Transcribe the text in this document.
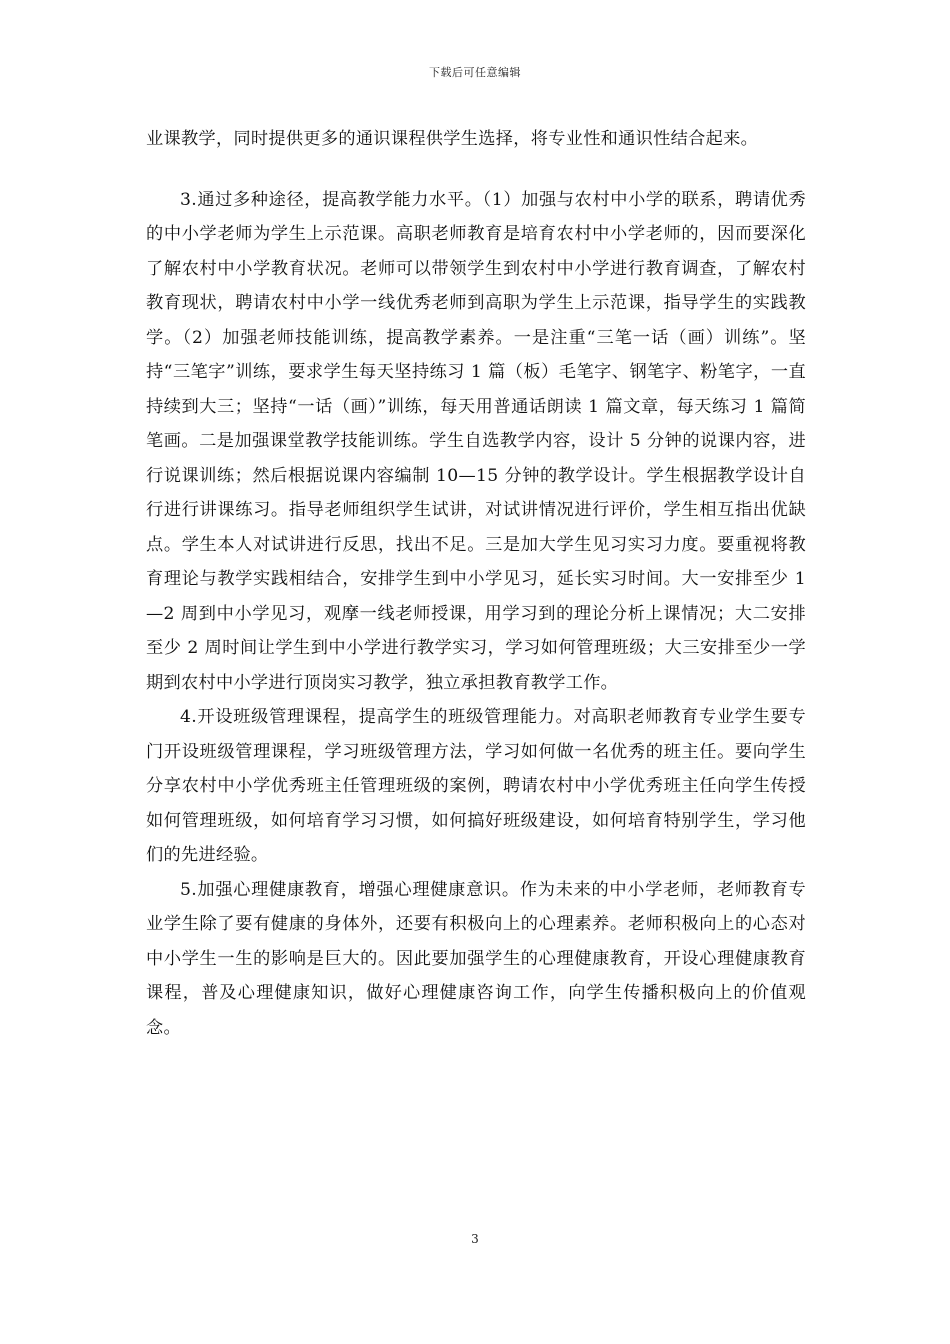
下载后可任意编辑

业课教学，同时提供更多的通识课程供学生选择，将专业性和通识性结合起来。

3.通过多种途径，提高教学能力水平。（1）加强与农村中小学的联系，聘请优秀的中小学老师为学生上示范课。高职老师教育是培育农村中小学老师的，因而要深化了解农村中小学教育状况。老师可以带领学生到农村中小学进行教育调查，了解农村教育现状，聘请农村中小学一线优秀老师到高职为学生上示范课，指导学生的实践教学。（2）加强老师技能训练，提高教学素养。一是注重“三笔一话（画）训练”。坚持“三笔字”训练，要求学生每天坚持练习 1 篇（板）毛笔字、钢笔字、粉笔字，一直持续到大三；坚持“一话（画）”训练，每天用普通话朗读 1 篇文章，每天练习 1 篇简笔画。二是加强课堂教学技能训练。学生自选教学内容，设计 5 分钟的说课内容，进行说课训练；然后根据说课内容编制 10—15 分钟的教学设计。学生根据教学设计自行进行讲课练习。指导老师组织学生试讲，对试讲情况进行评价，学生相互指出优缺点。学生本人对试讲进行反思，找出不足。三是加大学生见习实习力度。要重视将教育理论与教学实践相结合，安排学生到中小学见习，延长实习时间。大一安排至少 1—2 周到中小学见习，观摩一线老师授课，用学习到的理论分析上课情况；大二安排至少 2 周时间让学生到中小学进行教学实习，学习如何管理班级；大三安排至少一学期到农村中小学进行顶岗实习教学，独立承担教育教学工作。

4.开设班级管理课程，提高学生的班级管理能力。对高职老师教育专业学生要专门开设班级管理课程，学习班级管理方法，学习如何做一名优秀的班主任。要向学生分享农村中小学优秀班主任管理班级的案例，聘请农村中小学优秀班主任向学生传授如何管理班级，如何培育学习习惯，如何搞好班级建设，如何培育特别学生，学习他们的先进经验。

5.加强心理健康教育，增强心理健康意识。作为未来的中小学老师，老师教育专业学生除了要有健康的身体外，还要有积极向上的心理素养。老师积极向上的心态对中小学生一生的影响是巨大的。因此要加强学生的心理健康教育，开设心理健康教育课程，普及心理健康知识，做好心理健康咨询工作，向学生传播积极向上的价值观念。

3
